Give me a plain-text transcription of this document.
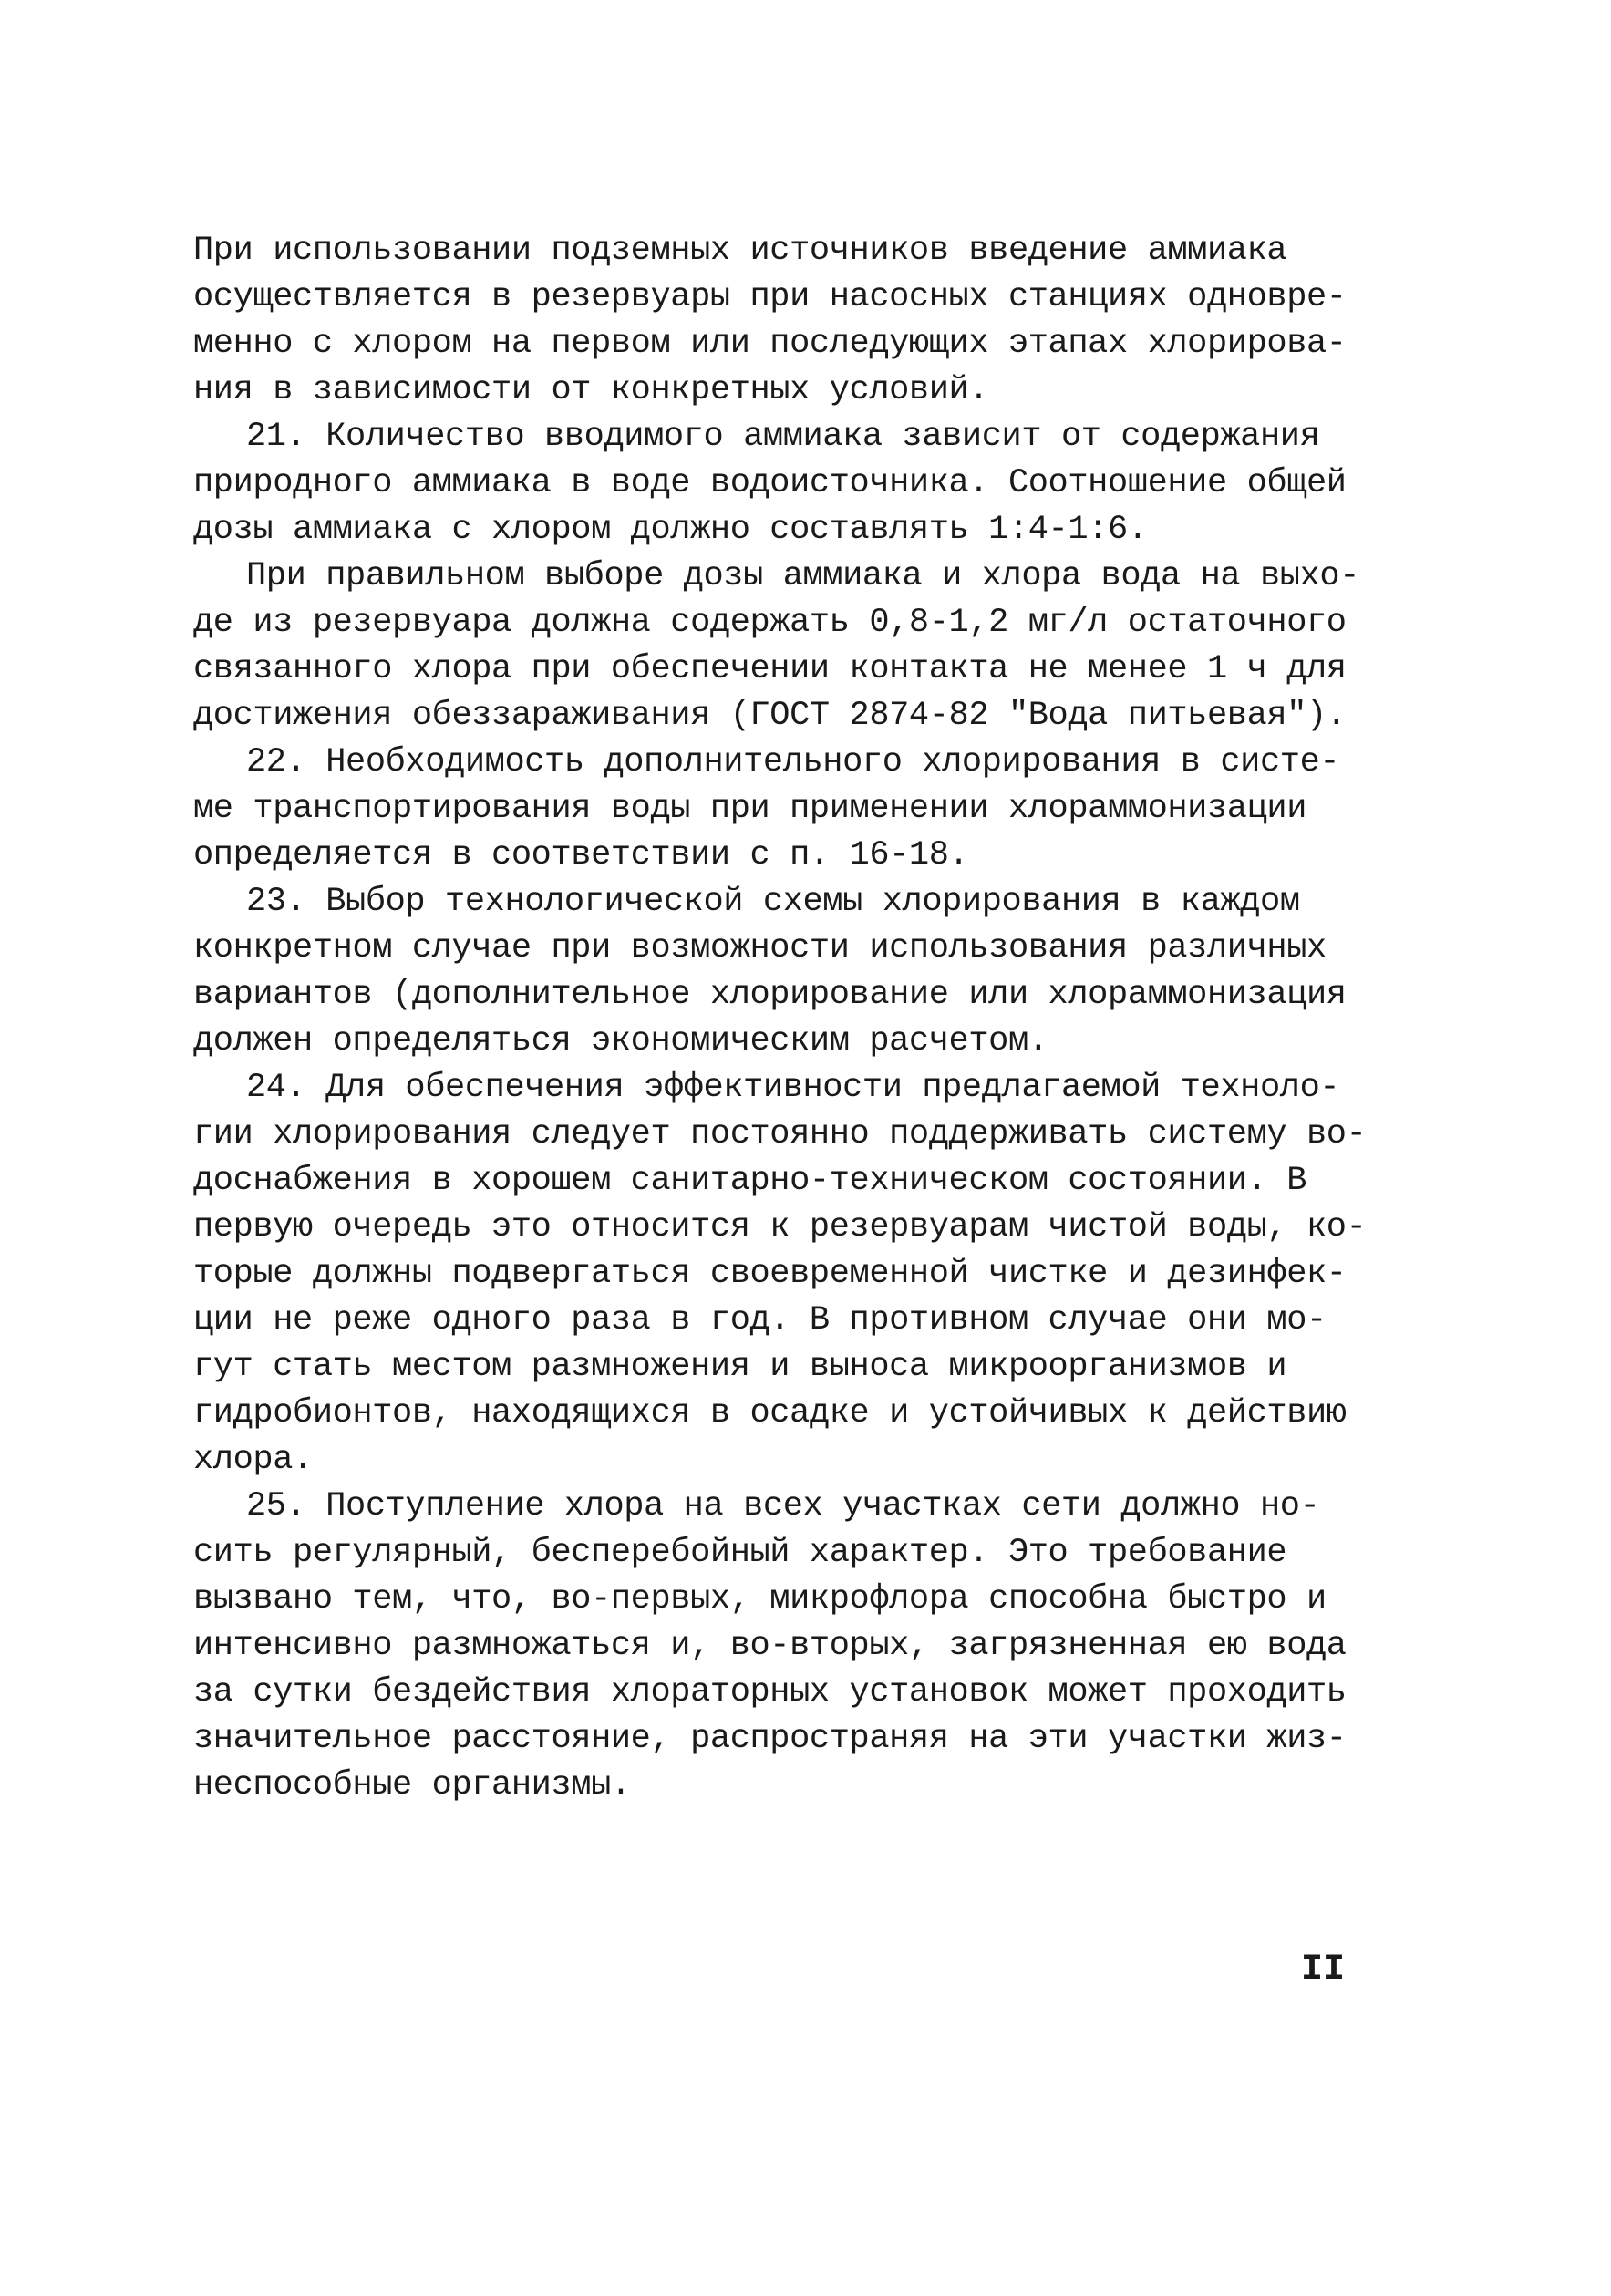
При использовании подземных источников введение аммиака
осуществляется в резервуары при насосных станциях одновре-
менно с хлором на первом или последующих этапах хлорирова-
ния в зависимости от конкретных условий.
21. Количество вводимого аммиака зависит от содержания
природного аммиака в воде водоисточника. Соотношение общей
дозы аммиака с хлором должно составлять 1:4-1:6.
При правильном выборе дозы аммиака и хлора вода на выхо-
де из резервуара должна содержать 0,8-1,2 мг/л остаточного
связанного хлора при обеспечении контакта не менее 1 ч для
достижения обеззараживания (ГОСТ 2874-82 "Вода питьевая").
22. Необходимость дополнительного хлорирования в систе-
ме транспортирования воды при применении хлораммонизации
определяется в соответствии с п. 16-18.
23. Выбор технологической схемы хлорирования в каждом
конкретном случае при возможности использования различных
вариантов (дополнительное хлорирование или хлораммонизация
должен определяться экономическим расчетом.
24. Для обеспечения эффективности предлагаемой техноло-
гии хлорирования следует постоянно поддерживать систему во-
доснабжения в хорошем санитарно-техническом состоянии. В
первую очередь это относится к резервуарам чистой воды, ко-
торые должны подвергаться своевременной чистке и дезинфек-
ции не реже одного раза в год. В противном случае они мо-
гут стать местом размножения и выноса микроорганизмов и
гидробионтов, находящихся в осадке и устойчивых к действию
хлора.
25. Поступление хлора на всех участках сети должно но-
сить регулярный, бесперебойный характер. Это требование
вызвано тем, что, во-первых, микрофлора способна быстро и
интенсивно размножаться и, во-вторых, загрязненная ею вода
за сутки бездействия хлораторных установок может проходить
значительное расстояние, распространяя на эти участки жиз-
неспособные организмы.
II
